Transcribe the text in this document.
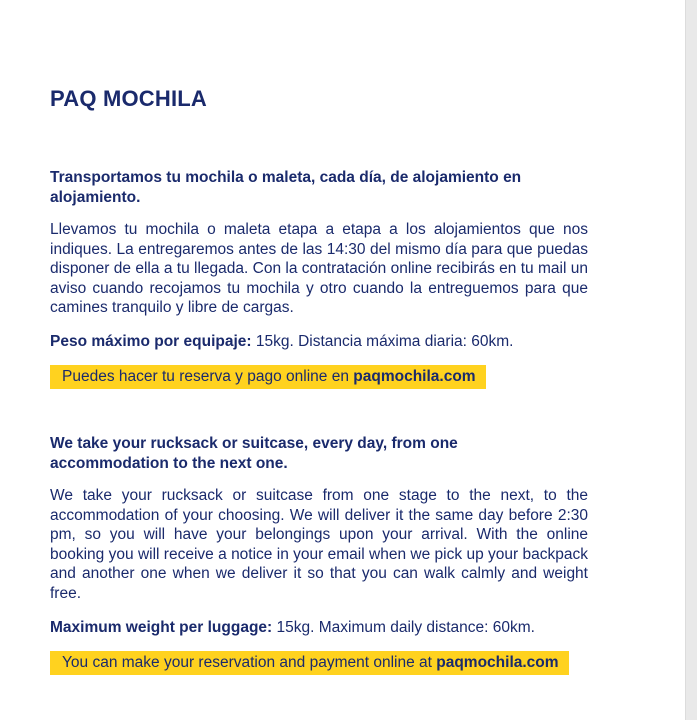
PAQ MOCHILA
Transportamos tu mochila o maleta, cada día, de alojamiento en alojamiento.
Llevamos tu mochila o maleta etapa a etapa a los alojamientos que nos indiques. La entregaremos antes de las 14:30 del mismo día para que puedas disponer de ella a tu llegada. Con la contratación online recibirás en tu mail un aviso cuando recojamos tu mochila y otro cuando la entreguemos para que camines tranquilo y libre de cargas.
Peso máximo por equipaje: 15kg. Distancia máxima diaria: 60km.
Puedes hacer tu reserva y pago online en paqmochila.com
We take your rucksack or suitcase, every day, from one accommodation to the next one.
We take your rucksack or suitcase from one stage to the next, to the accommodation of your choosing. We will deliver it the same day before 2:30 pm, so you will have your belongings upon your arrival. With the online booking you will receive a notice in your email when we pick up your backpack and another one when we deliver it so that you can walk calmly and weight free.
Maximum weight per luggage: 15kg. Maximum daily distance: 60km.
You can make your reservation and payment online at paqmochila.com
